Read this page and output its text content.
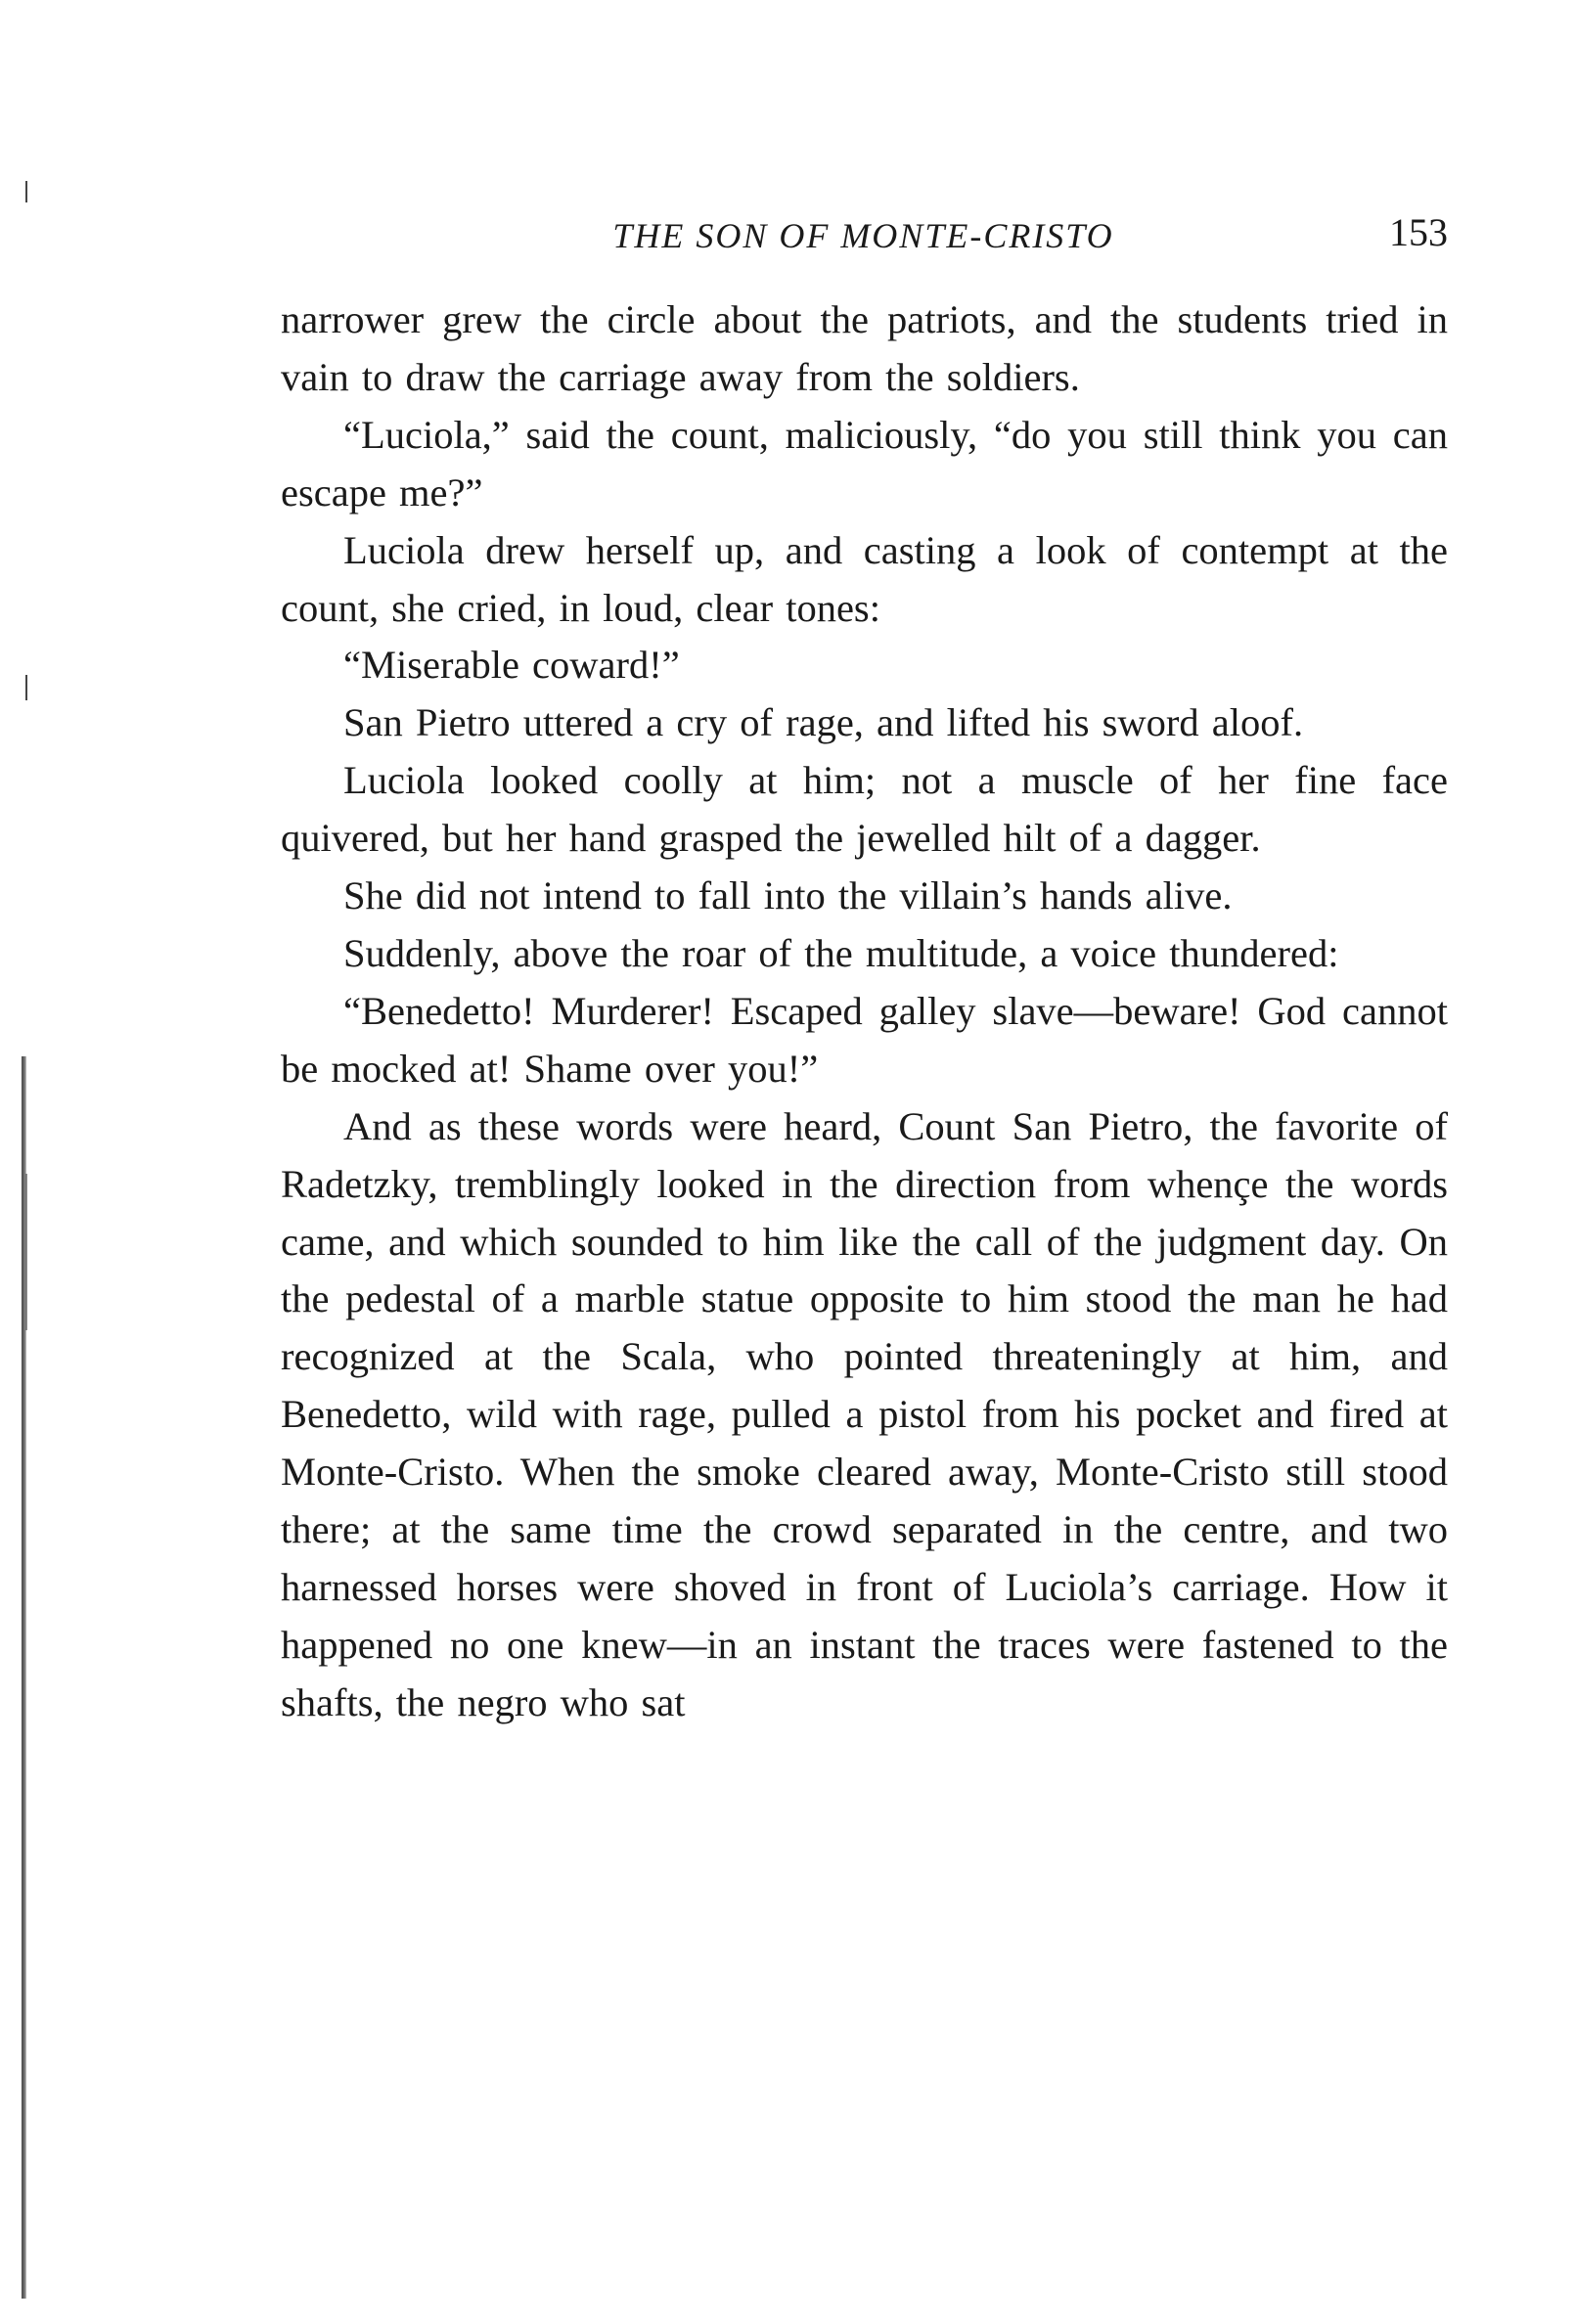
THE SON OF MONTE-CRISTO	153

narrower grew the circle about the patriots, and the students tried in vain to draw the carriage away from the soldiers.

“Luciola,” said the count, maliciously, “do you still think you can escape me?”

Luciola drew herself up, and casting a look of contempt at the count, she cried, in loud, clear tones:

“Miserable coward!”

San Pietro uttered a cry of rage, and lifted his sword aloof.

Luciola looked coolly at him; not a muscle of her fine face quivered, but her hand grasped the jewelled hilt of a dagger.

She did not intend to fall into the villain’s hands alive.

Suddenly, above the roar of the multitude, a voice thundered:

“Benedetto! Murderer! Escaped galley slave—beware! God cannot be mocked at! Shame over you!”

And as these words were heard, Count San Pietro, the favorite of Radetzky, tremblingly looked in the direction from whençe the words came, and which sounded to him like the call of the judgment day. On the pedestal of a marble statue opposite to him stood the man he had recognized at the Scala, who pointed threateningly at him, and Benedetto, wild with rage, pulled a pistol from his pocket and fired at Monte-Cristo. When the smoke cleared away, Monte-Cristo still stood there; at the same time the crowd separated in the centre, and two harnessed horses were shoved in front of Luciola’s carriage. How it happened no one knew—in an instant the traces were fastened to the shafts, the negro who sat
